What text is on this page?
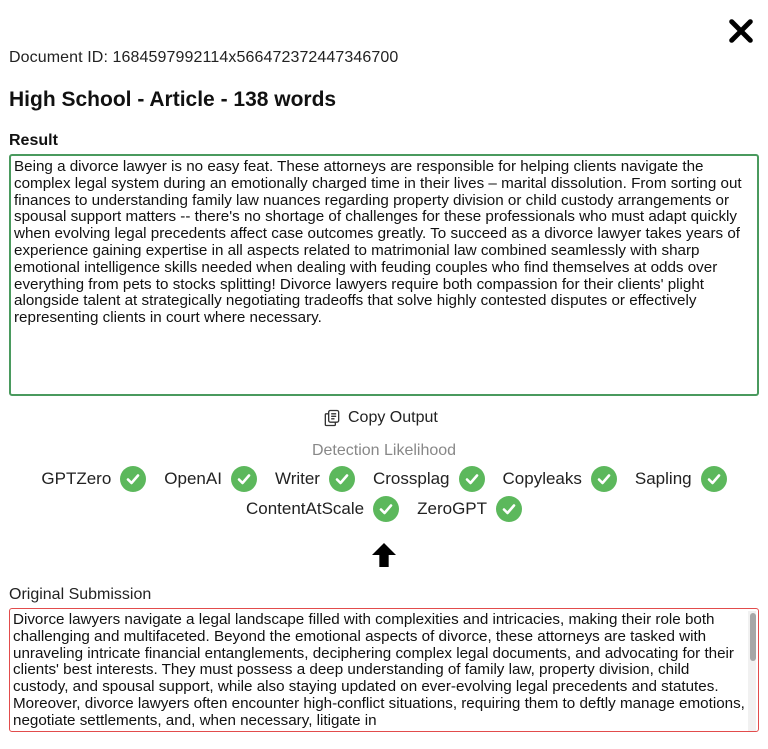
Document ID: 1684597992114x566472372447346700
High School - Article - 138 words
Result
Being a divorce lawyer is no easy feat. These attorneys are responsible for helping clients navigate the complex legal system during an emotionally charged time in their lives – marital dissolution. From sorting out finances to understanding family law nuances regarding property division or child custody arrangements or spousal support matters -- there's no shortage of challenges for these professionals who must adapt quickly when evolving legal precedents affect case outcomes greatly. To succeed as a divorce lawyer takes years of experience gaining expertise in all aspects related to matrimonial law combined seamlessly with sharp emotional intelligence skills needed when dealing with feuding couples who find themselves at odds over everything from pets to stocks splitting! Divorce lawyers require both compassion for their clients' plight alongside talent at strategically negotiating tradeoffs that solve highly contested disputes or effectively representing clients in court where necessary.
Copy Output
Detection Likelihood
GPTZero	OpenAI	Writer	Crossplag	Copyleaks	Sapling
ContentAtScale	ZeroGPT
Original Submission
Divorce lawyers navigate a legal landscape filled with complexities and intricacies, making their role both challenging and multifaceted. Beyond the emotional aspects of divorce, these attorneys are tasked with unraveling intricate financial entanglements, deciphering complex legal documents, and advocating for their clients' best interests. They must possess a deep understanding of family law, property division, child custody, and spousal support, while also staying updated on ever-evolving legal precedents and statutes. Moreover, divorce lawyers often encounter high-conflict situations, requiring them to deftly manage emotions, negotiate settlements, and, when necessary, litigate in
